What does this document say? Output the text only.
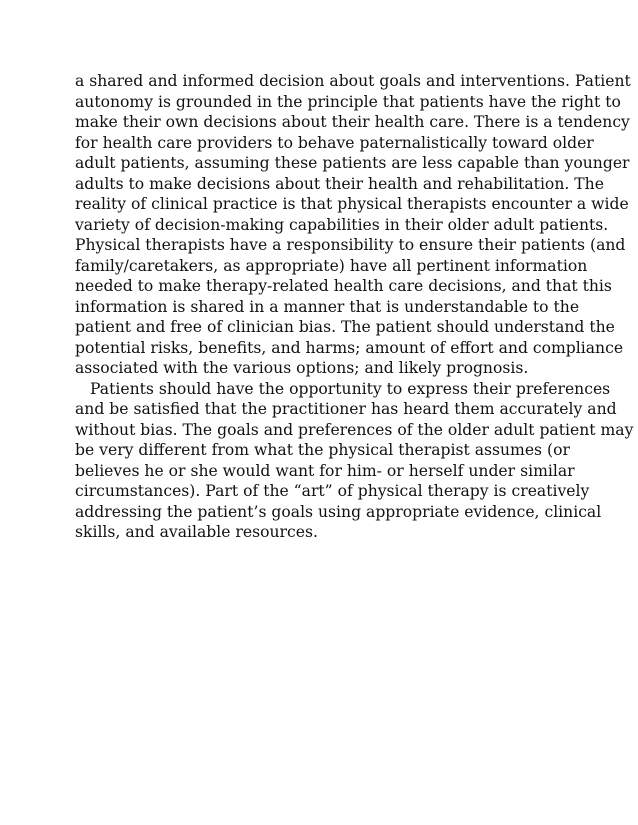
a shared and informed decision about goals and interventions. Patient
autonomy is grounded in the principle that patients have the right to
make their own decisions about their health care. There is a tendency
for health care providers to behave paternalistically toward older
adult patients, assuming these patients are less capable than younger
adults to make decisions about their health and rehabilitation. The
reality of clinical practice is that physical therapists encounter a wide
variety of decision-making capabilities in their older adult patients.
Physical therapists have a responsibility to ensure their patients (and
family/caretakers, as appropriate) have all pertinent information
needed to make therapy-related health care decisions, and that this
information is shared in a manner that is understandable to the
patient and free of clinician bias. The patient should understand the
potential risks, benefits, and harms; amount of effort and compliance
associated with the various options; and likely prognosis.
Patients should have the opportunity to express their preferences
and be satisfied that the practitioner has heard them accurately and
without bias. The goals and preferences of the older adult patient may
be very different from what the physical therapist assumes (or
believes he or she would want for him- or herself under similar
circumstances). Part of the “art” of physical therapy is creatively
addressing the patient’s goals using appropriate evidence, clinical
skills, and available resources.
